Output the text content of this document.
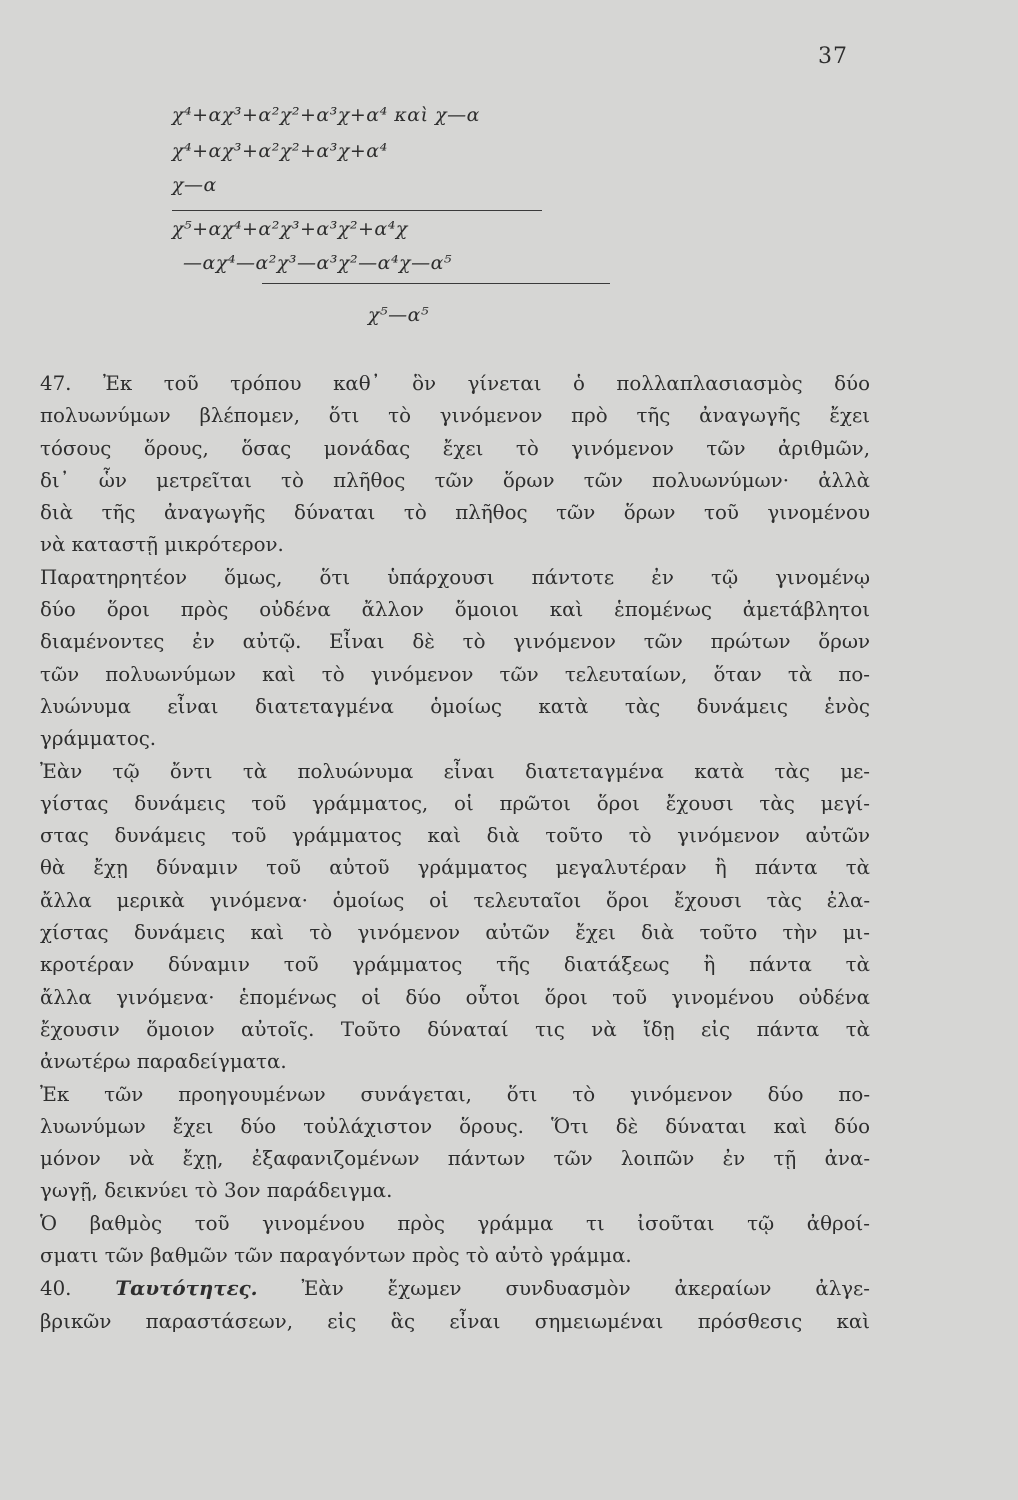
37
χ⁴+αχ³+α²χ²+α³χ+α⁴ καὶ χ—α
χ⁴+αχ³+α²χ²+α³χ+α⁴
χ—α
χ⁵+αχ⁴+α²χ³+α³χ²+α⁴χ
—αχ⁴—α²χ³—α³χ²—α⁴χ—α⁵
χ⁵—α⁵

47. Ἐκ τοῦ τρόπου καθ᾽ ὃν γίνεται ὁ πολλαπλασιασμὸς δύο
πολυωνύμων βλέπομεν, ὅτι τὸ γινόμενον πρὸ τῆς ἀναγωγῆς ἔχει
τόσους ὅρους, ὅσας μονάδας ἔχει τὸ γινόμενον τῶν ἀριθμῶν,
δι᾽ ὧν μετρεῖται τὸ πλῆθος τῶν ὅρων τῶν πολυωνύμων· ἀλλὰ
διὰ τῆς ἀναγωγῆς δύναται τὸ πλῆθος τῶν ὅρων τοῦ γινομένου
νὰ καταστῇ μικρότερον.

Παρατηρητέον ὅμως, ὅτι ὑπάρχουσι πάντοτε ἐν τῷ γινομένῳ
δύο ὅροι πρὸς οὐδένα ἄλλον ὅμοιοι καὶ ἑπομένως ἀμετάβλητοι
διαμένοντες ἐν αὐτῷ. Εἶναι δὲ τὸ γινόμενον τῶν πρώτων ὅρων
τῶν πολυωνύμων καὶ τὸ γινόμενον τῶν τελευταίων, ὅταν τὰ πο-
λυώνυμα εἶναι διατεταγμένα ὁμοίως κατὰ τὰς δυνάμεις ἑνὸς
γράμματος.

Ἐὰν τῷ ὄντι τὰ πολυώνυμα εἶναι διατεταγμένα κατὰ τὰς με-
γίστας δυνάμεις τοῦ γράμματος, οἱ πρῶτοι ὅροι ἔχουσι τὰς μεγί-
στας δυνάμεις τοῦ γράμματος καὶ διὰ τοῦτο τὸ γινόμενον αὐτῶν
θὰ ἔχῃ δύναμιν τοῦ αὐτοῦ γράμματος μεγαλυτέραν ἢ πάντα τὰ
ἄλλα μερικὰ γινόμενα· ὁμοίως οἱ τελευταῖοι ὅροι ἔχουσι τὰς ἐλα-
χίστας δυνάμεις καὶ τὸ γινόμενον αὐτῶν ἔχει διὰ τοῦτο τὴν μι-
κροτέραν δύναμιν τοῦ γράμματος τῆς διατάξεως ἢ πάντα τὰ
ἄλλα γινόμενα· ἑπομένως οἱ δύο οὗτοι ὅροι τοῦ γινομένου οὐδένα
ἔχουσιν ὅμοιον αὐτοῖς. Τοῦτο δύναταί τις νὰ ἴδῃ εἰς πάντα τὰ
ἀνωτέρω παραδείγματα.

Ἐκ τῶν προηγουμένων συνάγεται, ὅτι τὸ γινόμενον δύο πο-
λυωνύμων ἔχει δύο τοὐλάχιστον ὅρους. Ὅτι δὲ δύναται καὶ δύο
μόνον νὰ ἔχῃ, ἐξαφανιζομένων πάντων τῶν λοιπῶν ἐν τῇ ἀνα-
γωγῇ, δεικνύει τὸ 3ον παράδειγμα.

Ὁ βαθμὸς τοῦ γινομένου πρὸς γράμμα τι ἰσοῦται τῷ ἀθροί-
σματι τῶν βαθμῶν τῶν παραγόντων πρὸς τὸ αὐτὸ γράμμα.

40. Ταυτότητες. Ἐὰν ἔχωμεν συνδυασμὸν ἀκεραίων ἀλγε-
βρικῶν παραστάσεων, εἰς ἃς εἶναι σημειωμέναι πρόσθεσις καὶ
